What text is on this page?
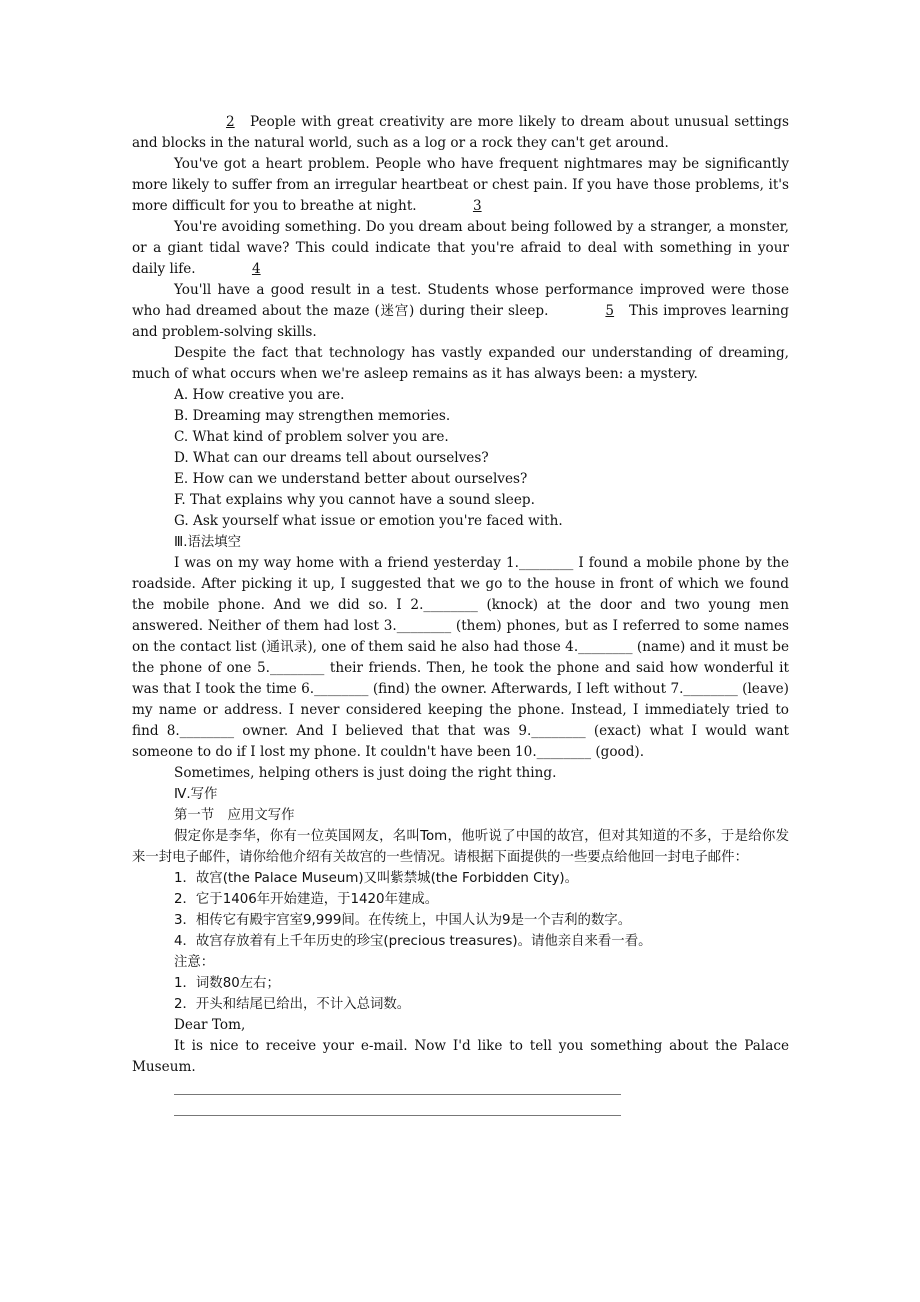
2 People with great creativity are more likely to dream about unusual settings and blocks in the natural world, such as a log or a rock they can't get around.

You've got a heart problem. People who have frequent nightmares may be significantly more likely to suffer from an irregular heartbeat or chest pain. If you have those problems, it's more difficult for you to breathe at night.	3

You're avoiding something. Do you dream about being followed by a stranger, a monster, or a giant tidal wave? This could indicate that you're afraid to deal with something in your daily life.	4

You'll have a good result in a test. Students whose performance improved were those who had dreamed about the maze (迷宫) during their sleep.	5 This improves learning and problem-solving skills.

Despite the fact that technology has vastly expanded our understanding of dreaming, much of what occurs when we're asleep remains as it has always been: a mystery.

A. How creative you are.

B. Dreaming may strengthen memories.

C. What kind of problem solver you are.

D. What can our dreams tell about ourselves?

E. How can we understand better about ourselves?

F. That explains why you cannot have a sound sleep.

G. Ask yourself what issue or emotion you're faced with.

Ⅲ.语法填空

I was on my way home with a friend yesterday 1.________ I found a mobile phone by the roadside. After picking it up, I suggested that we go to the house in front of which we found the mobile phone. And we did so. I 2.________ (knock) at the door and two young men answered. Neither of them had lost 3.________ (them) phones, but as I referred to some names on the contact list (通讯录), one of them said he also had those 4.________ (name) and it must be the phone of one 5.________ their friends. Then, he took the phone and said how wonderful it was that I took the time 6.________ (find) the owner. Afterwards, I left without 7.________ (leave) my name or address. I never considered keeping the phone. Instead, I immediately tried to find 8.________ owner. And I believed that that was 9.________ (exact) what I would want someone to do if I lost my phone. It couldn't have been 10.________ (good).

Sometimes, helping others is just doing the right thing.

Ⅳ.写作

第一节　应用文写作

假定你是李华，你有一位英国网友，名叫Tom，他听说了中国的故宫，但对其知道的不多，于是给你发来一封电子邮件，请你给他介绍有关故宫的一些情况。请根据下面提供的一些要点给他回一封电子邮件：

1．故宫(the Palace Museum)又叫紫禁城(the Forbidden City)。

2．它于1406年开始建造，于1420年建成。

3．相传它有殿宇宫室9,999间。在传统上，中国人认为9是一个吉利的数字。

4．故宫存放着有上千年历史的珍宝(precious treasures)。请他亲自来看一看。

注意：

1．词数80左右；

2．开头和结尾已给出，不计入总词数。

Dear Tom,

It is nice to receive your e-mail. Now I'd like to tell you something about the Palace Museum.
